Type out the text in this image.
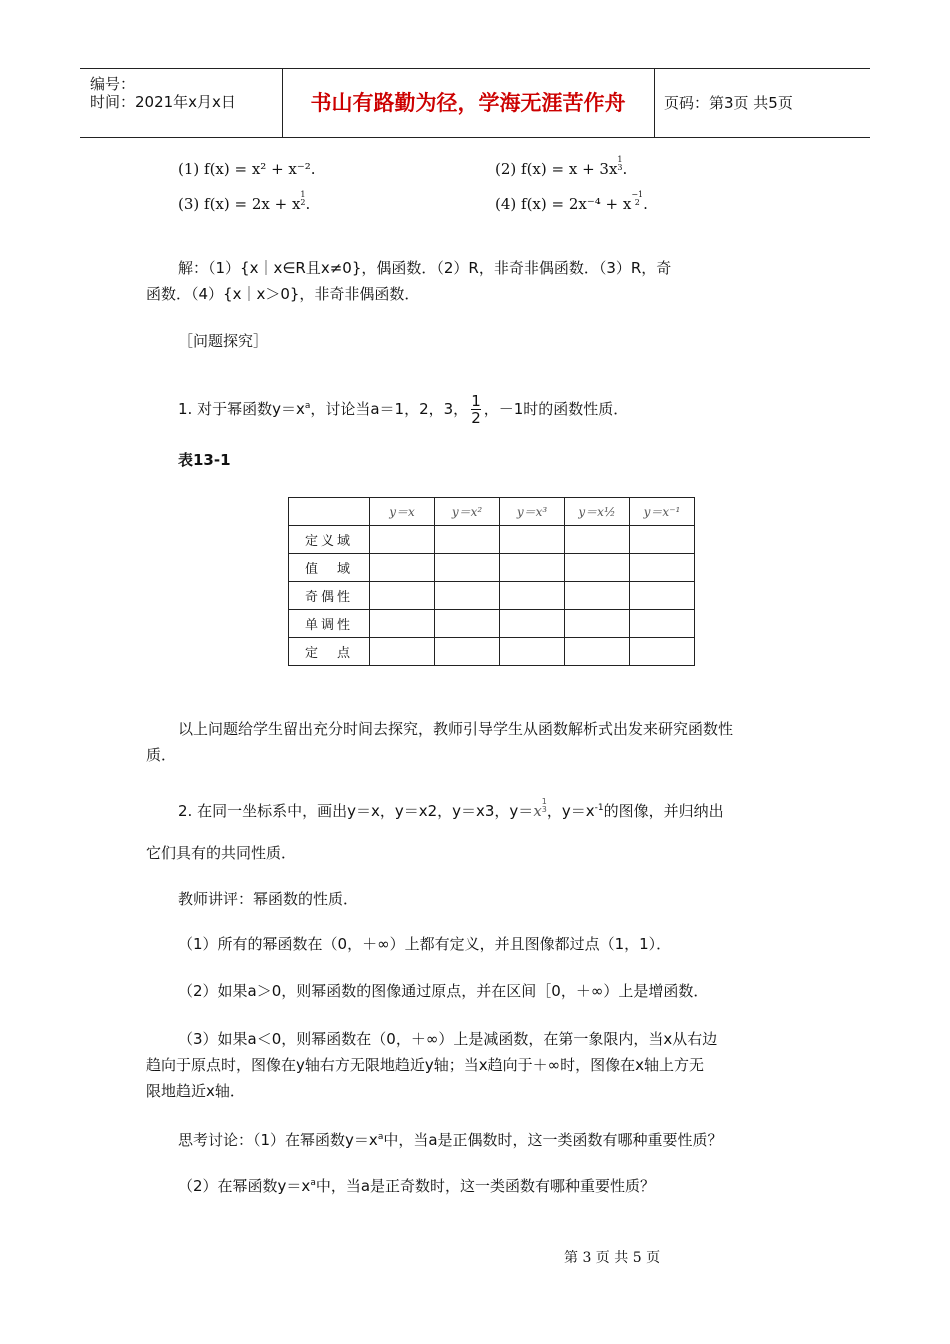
编号：
时间：2021年x月x日	书山有路勤为径，学海无涯苦作舟	页码：第3页 共5页
(1) f(x) = x² + x⁻².	(2) f(x) = x + 3x
1
3 .
(3) f(x) = 2x + x
1
2 .	(4) f(x) = 2x⁻⁴ + x
−1
2 .
解：（1）{x｜x∈R且x≠0}，偶函数．（2）R，非奇非偶函数．（3）R，奇
函数．（4）{x｜x＞0}，非奇非偶函数．
［问题探究］
1. 对于幂函数$y=x^a$，讨论当a＝1，2，3， $\frac{1}{2}$ ，－1时的函数性质．
表13-1
	y＝x	y＝x²	y＝x³	y＝x½	y＝x⁻¹
定义域					
值　域					
奇偶性					
单调性					
定　点					
以上问题给学生留出充分时间去探究，教师引导学生从函数解析式出发来研究函数性
质．
2. 在同一坐标系中，画出y＝x，y＝x2，y＝x3，y＝x
1
3 ，$y=x^{-1}$的图像，并归纳出
它们具有的共同性质．
教师讲评：幂函数的性质．
（1）所有的幂函数在（0，＋∞）上都有定义，并且图像都过点（1，1）．
（2）如果a＞0，则幂函数的图像通过原点，并在区间［0，＋∞）上是增函数．
（3）如果a＜0，则幂函数在（0，＋∞）上是减函数，在第一象限内，当x从右边
趋向于原点时，图像在y轴右方无限地趋近y轴；当x趋向于＋∞时，图像在x轴上方无
限地趋近x轴．
思考讨论：（1）在幂函数$y=x^a$中，当a是正偶数时，这一类函数有哪种重要性质？
（2）在幂函数$y=x^a$中，当a是正奇数时，这一类函数有哪种重要性质？
第 3 页 共 5 页
